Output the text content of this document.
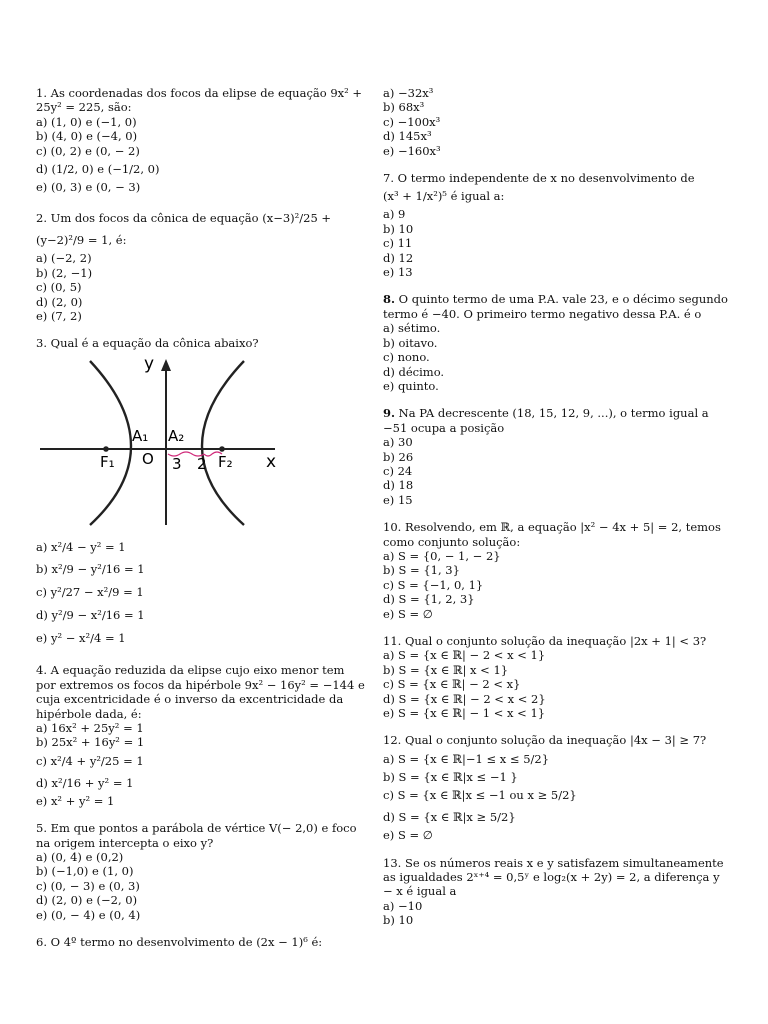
1. As coordenadas dos focos da elipse de equação 9x² + 25y² = 225, são:

a) (1, 0) e (−1, 0)

b) (4, 0) e (−4, 0)

c) (0, 2) e (0, − 2)

d) (1/2, 0) e (−1/2, 0)

e) (0, 3) e (0, − 3)

2. Um dos focos da cônica de equação (x−3)²/25 + (y−2)²/9 = 1, é:

a) (−2, 2)

b) (2, −1)

c) (0, 5)

d) (2, 0)

e) (7, 2)

3. Qual é a equação da cônica abaixo?

y
x
O
A₁ A₂
F₁	F₂
3 2

a) x²/4 − y² = 1

b) x²/9 − y²/16 = 1

c) y²/27 − x²/9 = 1

d) y²/9 − x²/16 = 1

e) y² − x²/4 = 1

4. A equação reduzida da elipse cujo eixo menor tem por extremos os focos da hipérbole 9x² − 16y² = −144 e cuja excentricidade é o inverso da excentricidade da hipérbole dada, é:

a) 16x² + 25y² = 1

b) 25x² + 16y² = 1

c) x²/4 + y²/25 = 1

d) x²/16 + y² = 1

e) x² + y² = 1

5. Em que pontos a parábola de vértice V(− 2,0) e foco na origem intercepta o eixo y?

a) (0, 4) e (0,2)

b) (−1,0) e (1, 0)

c) (0, − 3) e (0, 3)

d) (2, 0) e (−2, 0)

e) (0, − 4) e (0, 4)

6. O 4º termo no desenvolvimento de (2x − 1)⁶ é:

a) −32x³

b) 68x³

c) −100x³

d) 145x³

e) −160x³

7. O termo independente de x no desenvolvimento de

(x³ + 1/x²)⁵ é igual a:

a) 9

b) 10

c) 11

d) 12

e) 13

8. O quinto termo de uma P.A. vale 23, e o décimo segundo termo é −40. O primeiro termo negativo dessa P.A. é o

a) sétimo.

b) oitavo.

c) nono.

d) décimo.

e) quinto.

9. Na PA decrescente (18, 15, 12, 9, ...), o termo igual a −51 ocupa a posição

a) 30

b) 26

c) 24

d) 18

e) 15

10. Resolvendo, em ℝ, a equação |x² − 4x + 5| = 2, temos como conjunto solução:

a) S = {0, − 1, − 2}

b) S = {1, 3}

c) S = {−1, 0, 1}

d) S = {1, 2, 3}

e) S = ∅

11. Qual o conjunto solução da inequação |2x + 1| < 3?

a) S = {x ∈ ℝ| − 2 < x < 1}

b) S = {x ∈ ℝ| x < 1}

c) S = {x ∈ ℝ| − 2 < x}

d) S = {x ∈ ℝ| − 2 < x < 2}

e) S = {x ∈ ℝ| − 1 < x < 1}

12. Qual o conjunto solução da inequação |4x − 3| ≥ 7?

a) S = {x ∈ ℝ|−1 ≤ x ≤ 5/2}

b) S = {x ∈ ℝ|x ≤ −1 }

c) S = {x ∈ ℝ|x ≤ −1 ou x ≥ 5/2}

d) S = {x ∈ ℝ|x ≥ 5/2}

e) S = ∅

13. Se os números reais x e y satisfazem simultaneamente as igualdades 2ˣ⁺⁴ = 0,5ʸ e log₂(x + 2y) = 2, a diferença y − x é igual a

a) −10

b) 10
